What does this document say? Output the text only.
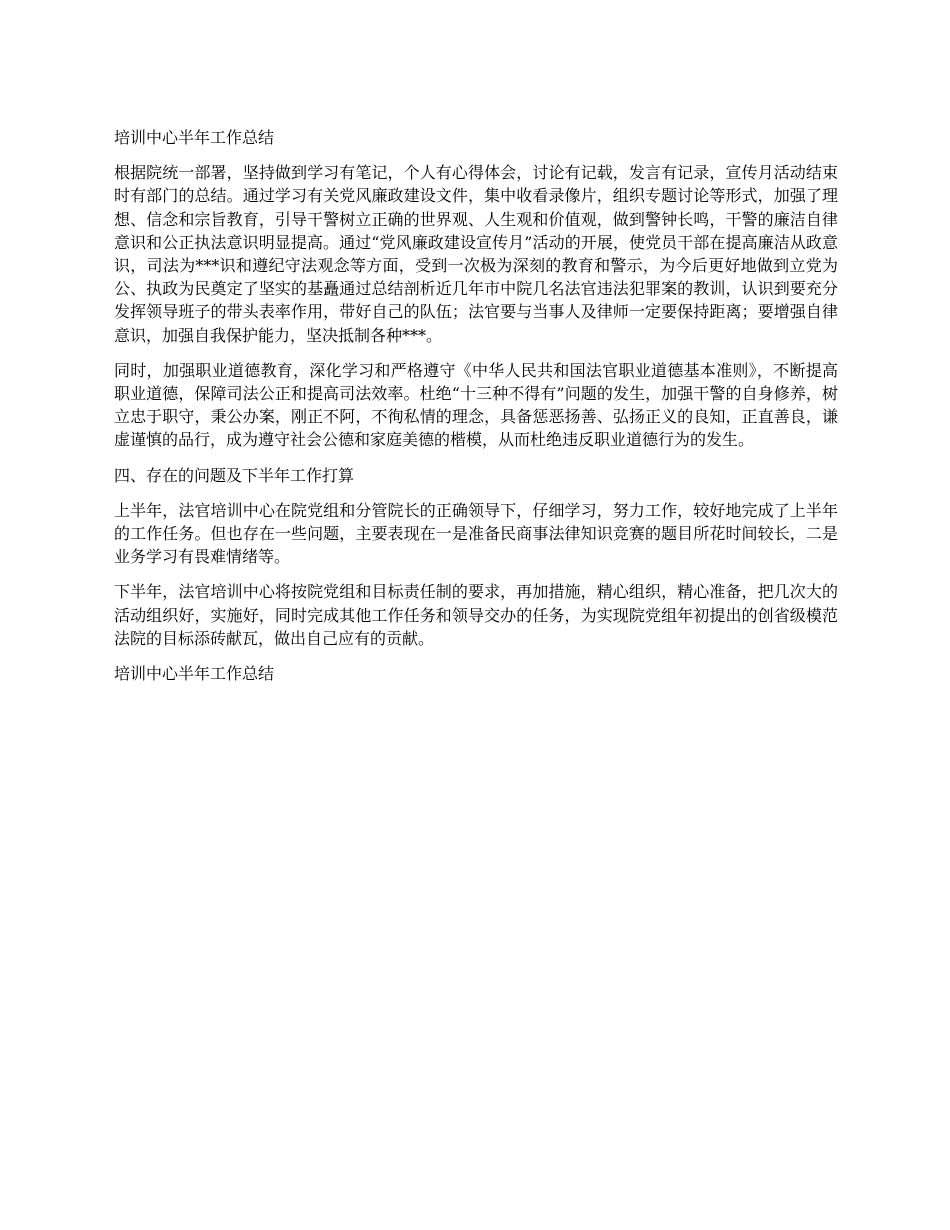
培训中心半年工作总结

根据院统一部署，坚持做到学习有笔记，个人有心得体会，讨论有记载，发言有记录，宣传月活动结束时有部门的总结。通过学习有关党风廉政建设文件，集中收看录像片，组织专题讨论等形式，加强了理想、信念和宗旨教育，引导干警树立正确的世界观、人生观和价值观，做到警钟长鸣，干警的廉洁自律意识和公正执法意识明显提高。通过“党风廉政建设宣传月”活动的开展，使党员干部在提高廉洁从政意识，司法为***识和遵纪守法观念等方面，受到一次极为深刻的教育和警示，为今后更好地做到立党为公、执政为民奠定了坚实的基矗通过总结剖析近几年市中院几名法官违法犯罪案的教训，认识到要充分发挥领导班子的带头表率作用，带好自己的队伍；法官要与当事人及律师一定要保持距离；要增强自律意识，加强自我保护能力，坚决抵制各种***。

同时，加强职业道德教育，深化学习和严格遵守《中华人民共和国法官职业道德基本准则》，不断提高职业道德，保障司法公正和提高司法效率。杜绝“十三种不得有”问题的发生，加强干警的自身修养，树立忠于职守，秉公办案，刚正不阿，不徇私情的理念，具备惩恶扬善、弘扬正义的良知，正直善良，谦虚谨慎的品行，成为遵守社会公德和家庭美德的楷模，从而杜绝违反职业道德行为的发生。

四、存在的问题及下半年工作打算

上半年，法官培训中心在院党组和分管院长的正确领导下，仔细学习，努力工作，较好地完成了上半年的工作任务。但也存在一些问题，主要表现在一是准备民商事法律知识竞赛的题目所花时间较长，二是业务学习有畏难情绪等。

下半年，法官培训中心将按院党组和目标责任制的要求，再加措施，精心组织，精心准备，把几次大的活动组织好，实施好，同时完成其他工作任务和领导交办的任务，为实现院党组年初提出的创省级模范法院的目标添砖献瓦，做出自己应有的贡献。

培训中心半年工作总结
